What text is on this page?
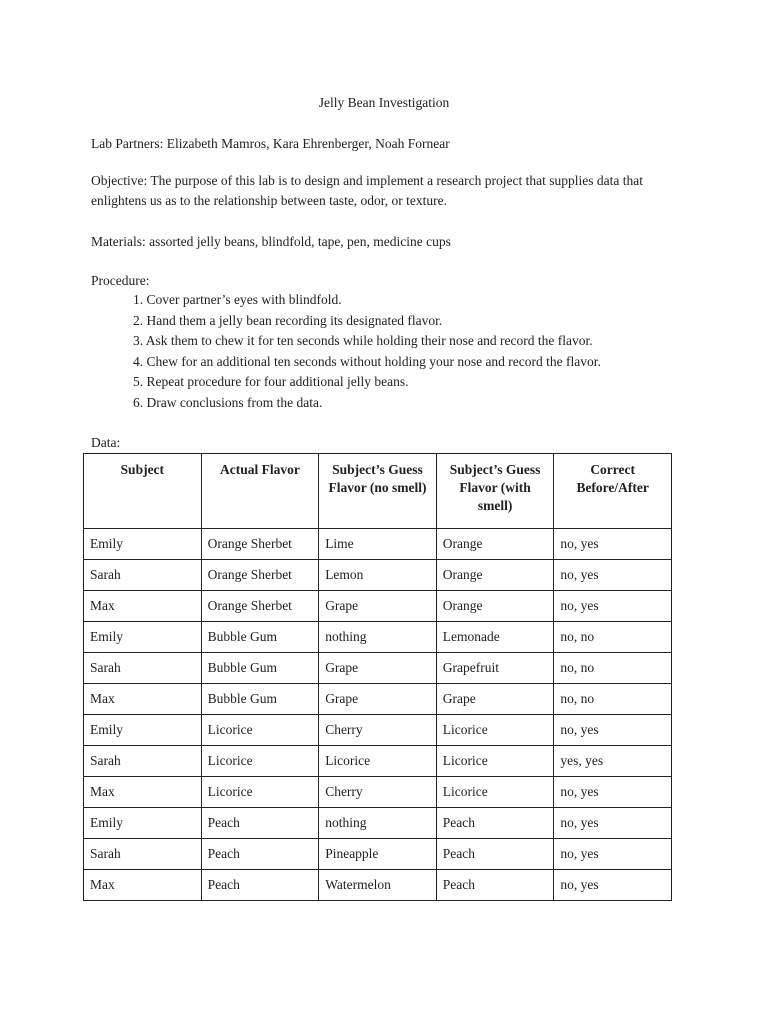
Jelly Bean Investigation
Lab Partners: Elizabeth Mamros, Kara Ehrenberger, Noah Fornear
Objective: The purpose of this lab is to design and implement a research project that supplies data that enlightens us as to the relationship between taste, odor, or texture.
Materials: assorted jelly beans, blindfold, tape, pen, medicine cups
Procedure:
1. Cover partner’s eyes with blindfold.
2. Hand them a jelly bean recording its designated flavor.
3. Ask them to chew it for ten seconds while holding their nose and record the flavor.
4. Chew for an additional ten seconds without holding your nose and record the flavor.
5. Repeat procedure for four additional jelly beans.
6. Draw conclusions from the data.
Data:
Subject	Actual Flavor	Subject’s Guess Flavor (no smell)	Subject’s Guess Flavor (with smell)	Correct Before/After
Emily	Orange Sherbet	Lime	Orange	no, yes
Sarah	Orange Sherbet	Lemon	Orange	no, yes
Max	Orange Sherbet	Grape	Orange	no, yes
Emily	Bubble Gum	nothing	Lemonade	no, no
Sarah	Bubble Gum	Grape	Grapefruit	no, no
Max	Bubble Gum	Grape	Grape	no, no
Emily	Licorice	Cherry	Licorice	no, yes
Sarah	Licorice	Licorice	Licorice	yes, yes
Max	Licorice	Cherry	Licorice	no, yes
Emily	Peach	nothing	Peach	no, yes
Sarah	Peach	Pineapple	Peach	no, yes
Max	Peach	Watermelon	Peach	no, yes
